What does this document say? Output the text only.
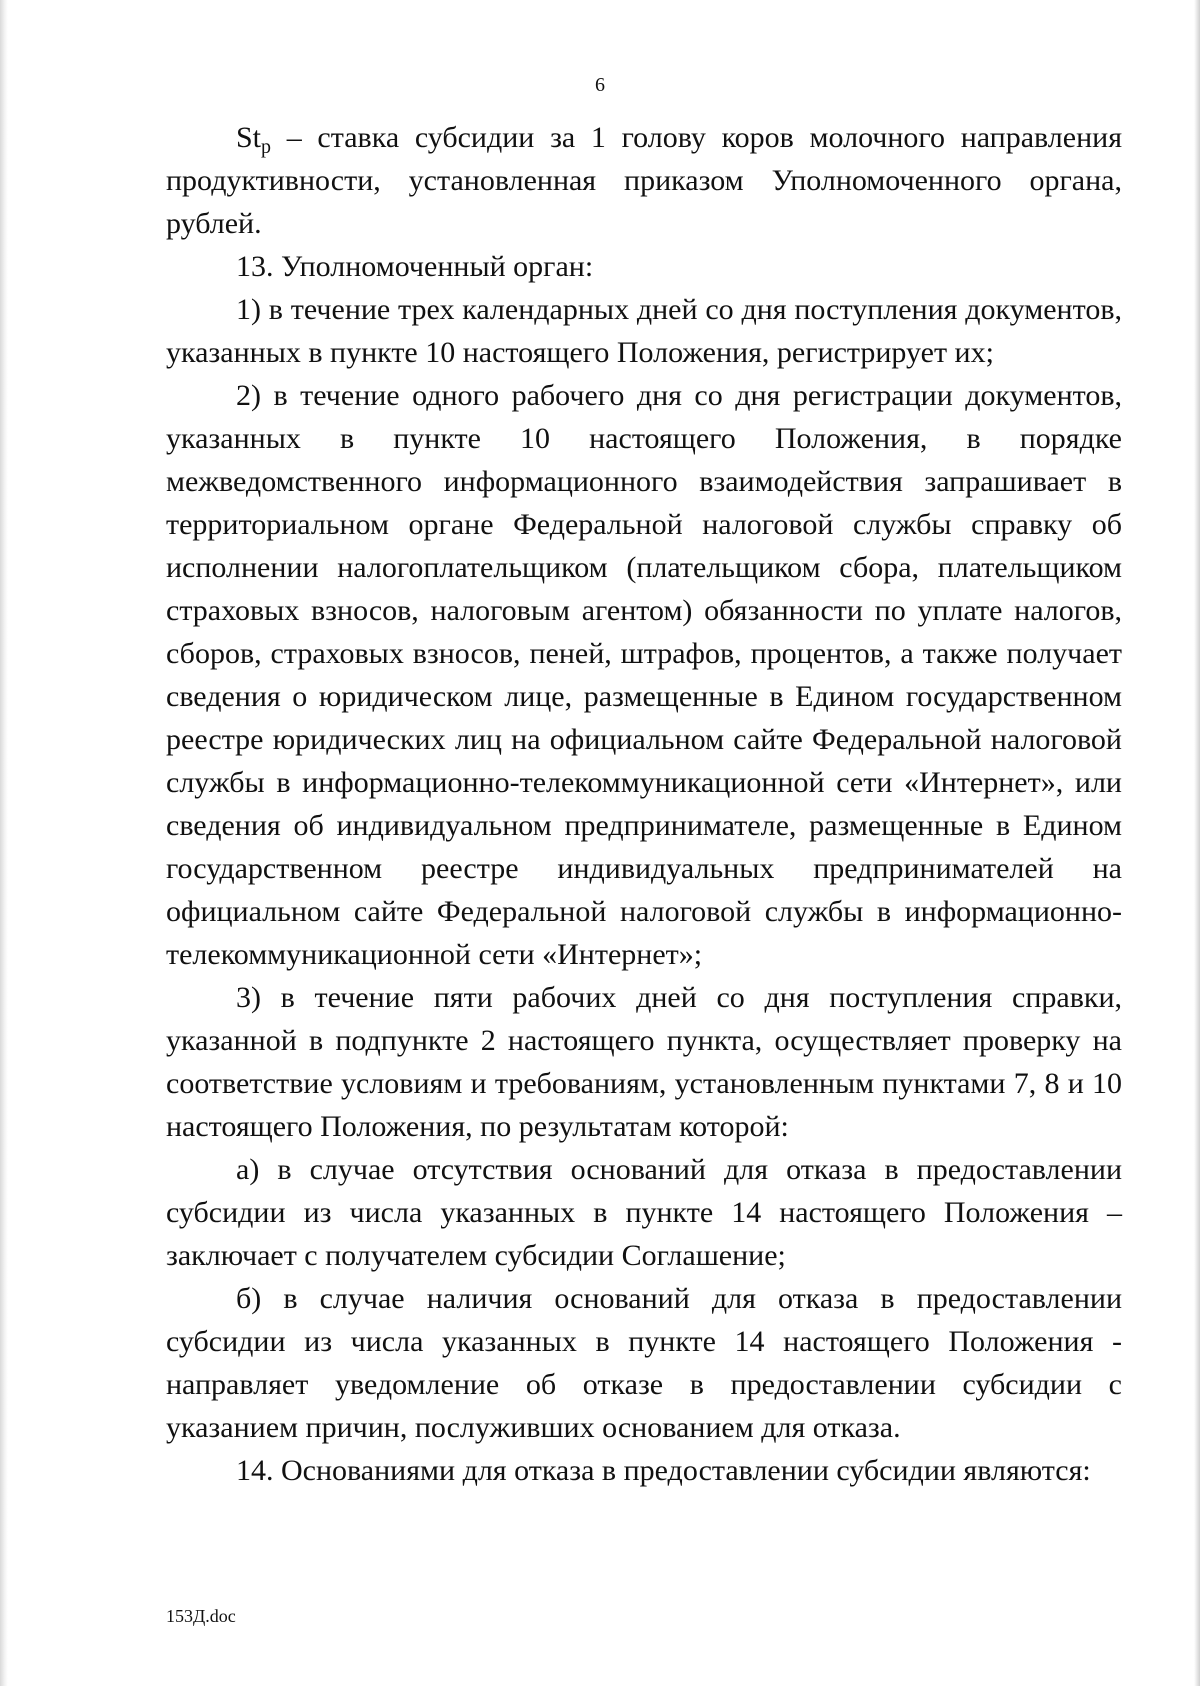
6

$St_р$ – ставка субсидии за 1 голову коров молочного направления продуктивности, установленная приказом Уполномоченного органа, рублей.

13. Уполномоченный орган:

1) в течение трех календарных дней со дня поступления документов, указанных в пункте 10 настоящего Положения, регистрирует их;

2) в течение одного рабочего дня со дня регистрации документов, указанных в пункте 10 настоящего Положения, в порядке межведомственного информационного взаимодействия запрашивает в территориальном органе Федеральной налоговой службы справку об исполнении налогоплательщиком (плательщиком сбора, плательщиком страховых взносов, налоговым агентом) обязанности по уплате налогов, сборов, страховых взносов, пеней, штрафов, процентов, а также получает сведения о юридическом лице, размещенные в Едином государственном реестре юридических лиц на официальном сайте Федеральной налоговой службы в информационно-телекоммуникационной сети «Интернет», или сведения об индивидуальном предпринимателе, размещенные в Едином государственном реестре индивидуальных предпринимателей на официальном сайте Федеральной налоговой службы в информационно-телекоммуникационной сети «Интернет»;

3) в течение пяти рабочих дней со дня поступления справки, указанной в подпункте 2 настоящего пункта, осуществляет проверку на соответствие условиям и требованиям, установленным пунктами 7, 8 и 10 настоящего Положения, по результатам которой:

а) в случае отсутствия оснований для отказа в предоставлении субсидии из числа указанных в пункте 14 настоящего Положения – заключает с получателем субсидии Соглашение;

б) в случае наличия оснований для отказа в предоставлении субсидии из числа указанных в пункте 14 настоящего Положения - направляет уведомление об отказе в предоставлении субсидии с указанием причин, послуживших основанием для отказа.

14. Основаниями для отказа в предоставлении субсидии являются:

153Д.doc
